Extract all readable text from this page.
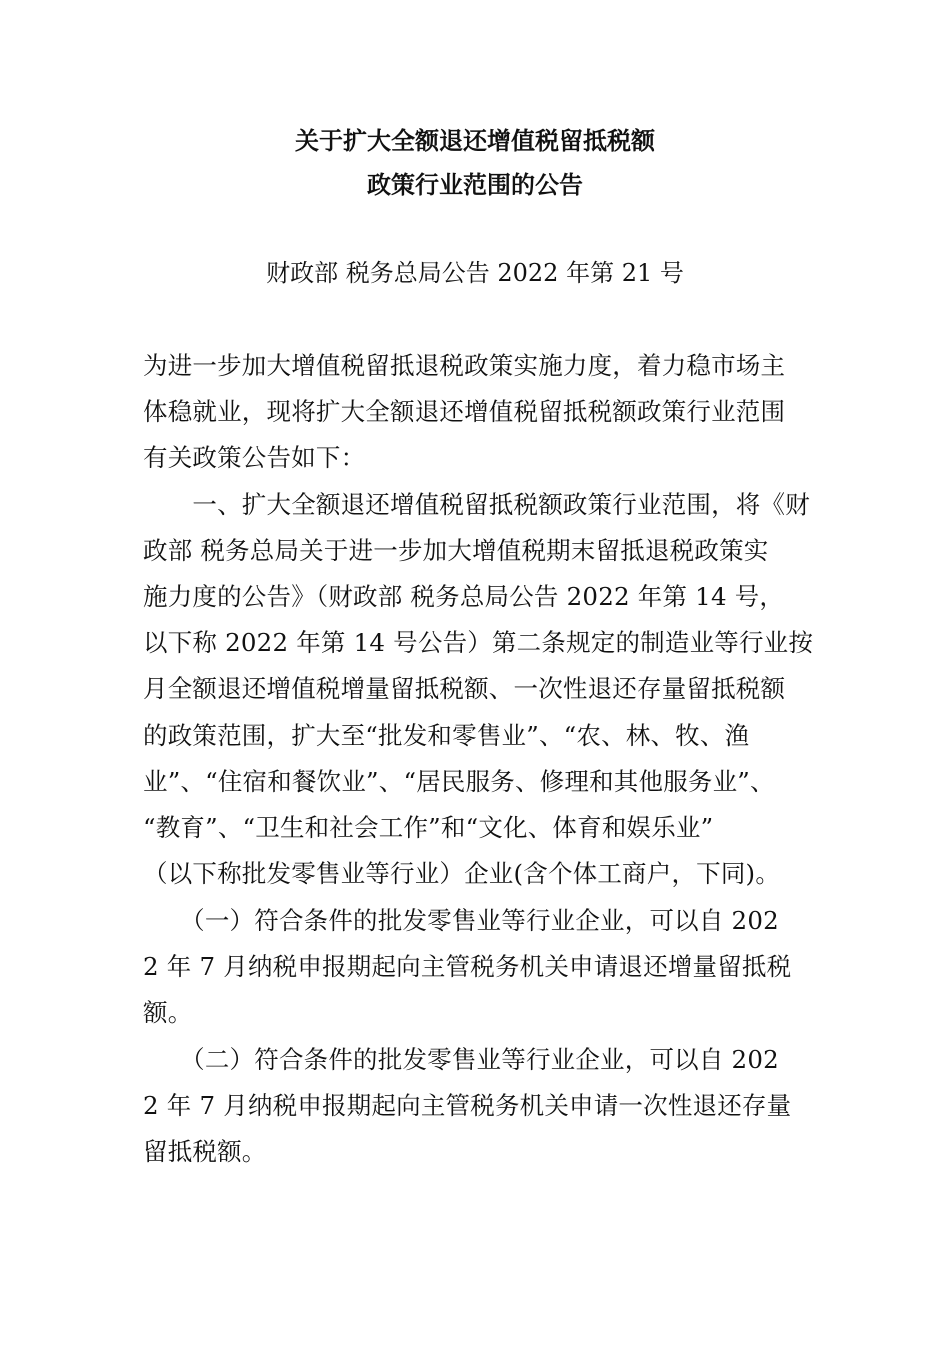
关于扩大全额退还增值税留抵税额
政策行业范围的公告
财政部 税务总局公告 2022 年第 21 号
为进一步加大增值税留抵退税政策实施力度，着力稳市场主
体稳就业，现将扩大全额退还增值税留抵税额政策行业范围
有关政策公告如下：
　　一、扩大全额退还增值税留抵税额政策行业范围，将《财
政部 税务总局关于进一步加大增值税期末留抵退税政策实
施力度的公告》（财政部 税务总局公告 2022 年第 14 号，
以下称 2022 年第 14 号公告）第二条规定的制造业等行业按
月全额退还增值税增量留抵税额、一次性退还存量留抵税额
的政策范围，扩大至“批发和零售业”、“农、林、牧、渔
业”、“住宿和餐饮业”、“居民服务、修理和其他服务业”、
“教育”、“卫生和社会工作”和“文化、体育和娱乐业”
（以下称批发零售业等行业）企业(含个体工商户，下同)。
　　（一）符合条件的批发零售业等行业企业，可以自 202
2 年 7 月纳税申报期起向主管税务机关申请退还增量留抵税
额。
　　（二）符合条件的批发零售业等行业企业，可以自 202
2 年 7 月纳税申报期起向主管税务机关申请一次性退还存量
留抵税额。
